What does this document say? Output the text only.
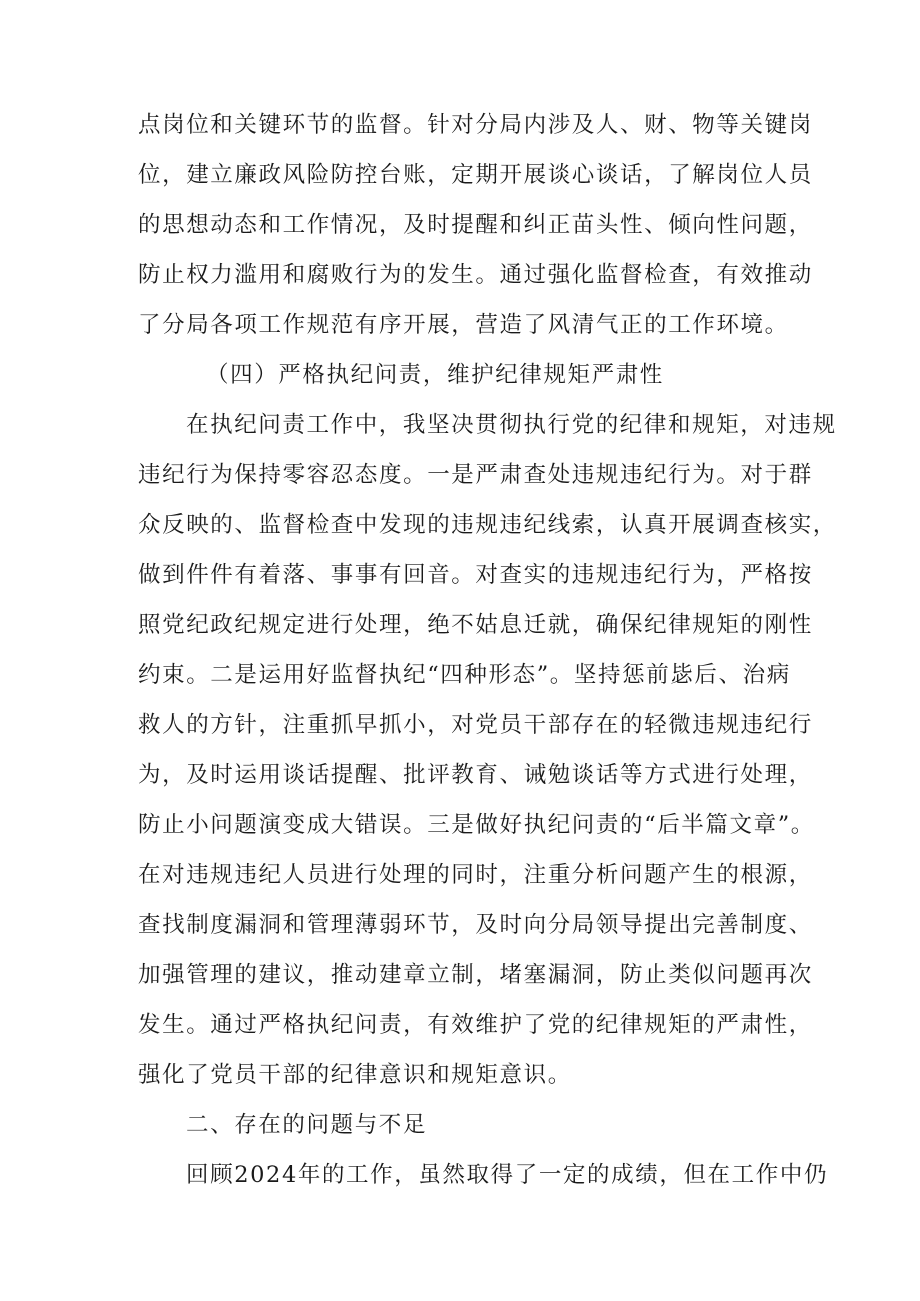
点岗位和关键环节的监督。针对分局内涉及人、财、物等关键岗
位，建立廉政风险防控台账，定期开展谈心谈话，了解岗位人员
的思想动态和工作情况，及时提醒和纠正苗头性、倾向性问题，
防止权力滥用和腐败行为的发生。通过强化监督检查，有效推动
了分局各项工作规范有序开展，营造了风清气正的工作环境。
（四）严格执纪问责，维护纪律规矩严肃性
在执纪问责工作中，我坚决贯彻执行党的纪律和规矩，对违规
违纪行为保持零容忍态度。一是严肃查处违规违纪行为。对于群
众反映的、监督检查中发现的违规违纪线索，认真开展调查核实，
做到件件有着落、事事有回音。对查实的违规违纪行为，严格按
照党纪政纪规定进行处理，绝不姑息迁就，确保纪律规矩的刚性
约束。二是运用好监督执纪“四种形态”。坚持惩前毖后、治病
救人的方针，注重抓早抓小，对党员干部存在的轻微违规违纪行
为，及时运用谈话提醒、批评教育、诫勉谈话等方式进行处理，
防止小问题演变成大错误。三是做好执纪问责的“后半篇文章”。
在对违规违纪人员进行处理的同时，注重分析问题产生的根源，
查找制度漏洞和管理薄弱环节，及时向分局领导提出完善制度、
加强管理的建议，推动建章立制，堵塞漏洞，防止类似问题再次
发生。通过严格执纪问责，有效维护了党的纪律规矩的严肃性，
强化了党员干部的纪律意识和规矩意识。
二、存在的问题与不足
回顾2024年的工作，虽然取得了一定的成绩，但在工作中仍
